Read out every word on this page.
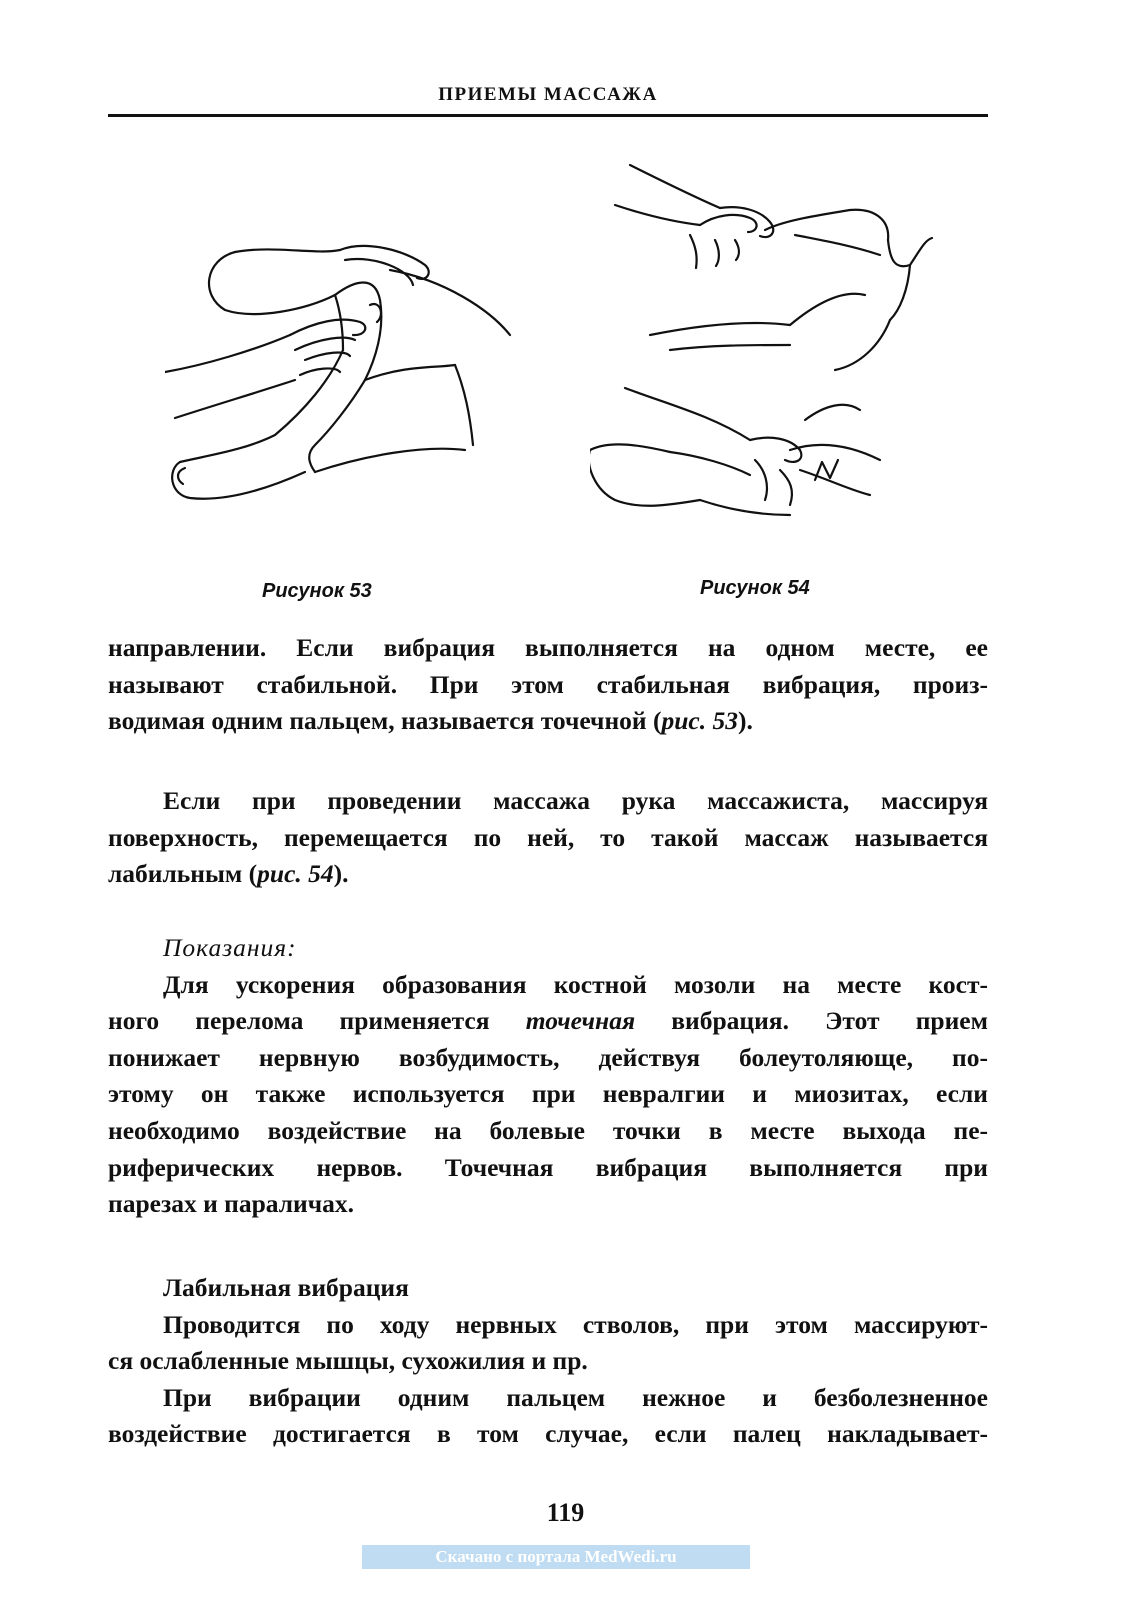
ПРИЕМЫ МАССАЖА
Рисунок 53	Рисунок 54
направлении. Если вибрация выполняется на одном месте, ее
называют стабильной. При этом стабильная вибрация, произ-
водимая одним пальцем, называется точечной (рис. 53).
Если при проведении массажа рука массажиста, массируя
поверхность, перемещается по ней, то такой массаж называется
лабильным (рис. 54).
Показания:
Для ускорения образования костной мозоли на месте кост-
ного перелома применяется точечная вибрация. Этот прием
понижает нервную возбудимость, действуя болеутоляюще, по-
этому он также используется при невралгии и миозитах, если
необходимо воздействие на болевые точки в месте выхода пе-
риферических нервов. Точечная вибрация выполняется при
парезах и параличах.
Лабильная вибрация
Проводится по ходу нервных стволов, при этом массируют-
ся ослабленные мышцы, сухожилия и пр.
При вибрации одним пальцем нежное и безболезненное
воздействие достигается в том случае, если палец накладывает-
119
Скачано с портала MedWedi.ru
